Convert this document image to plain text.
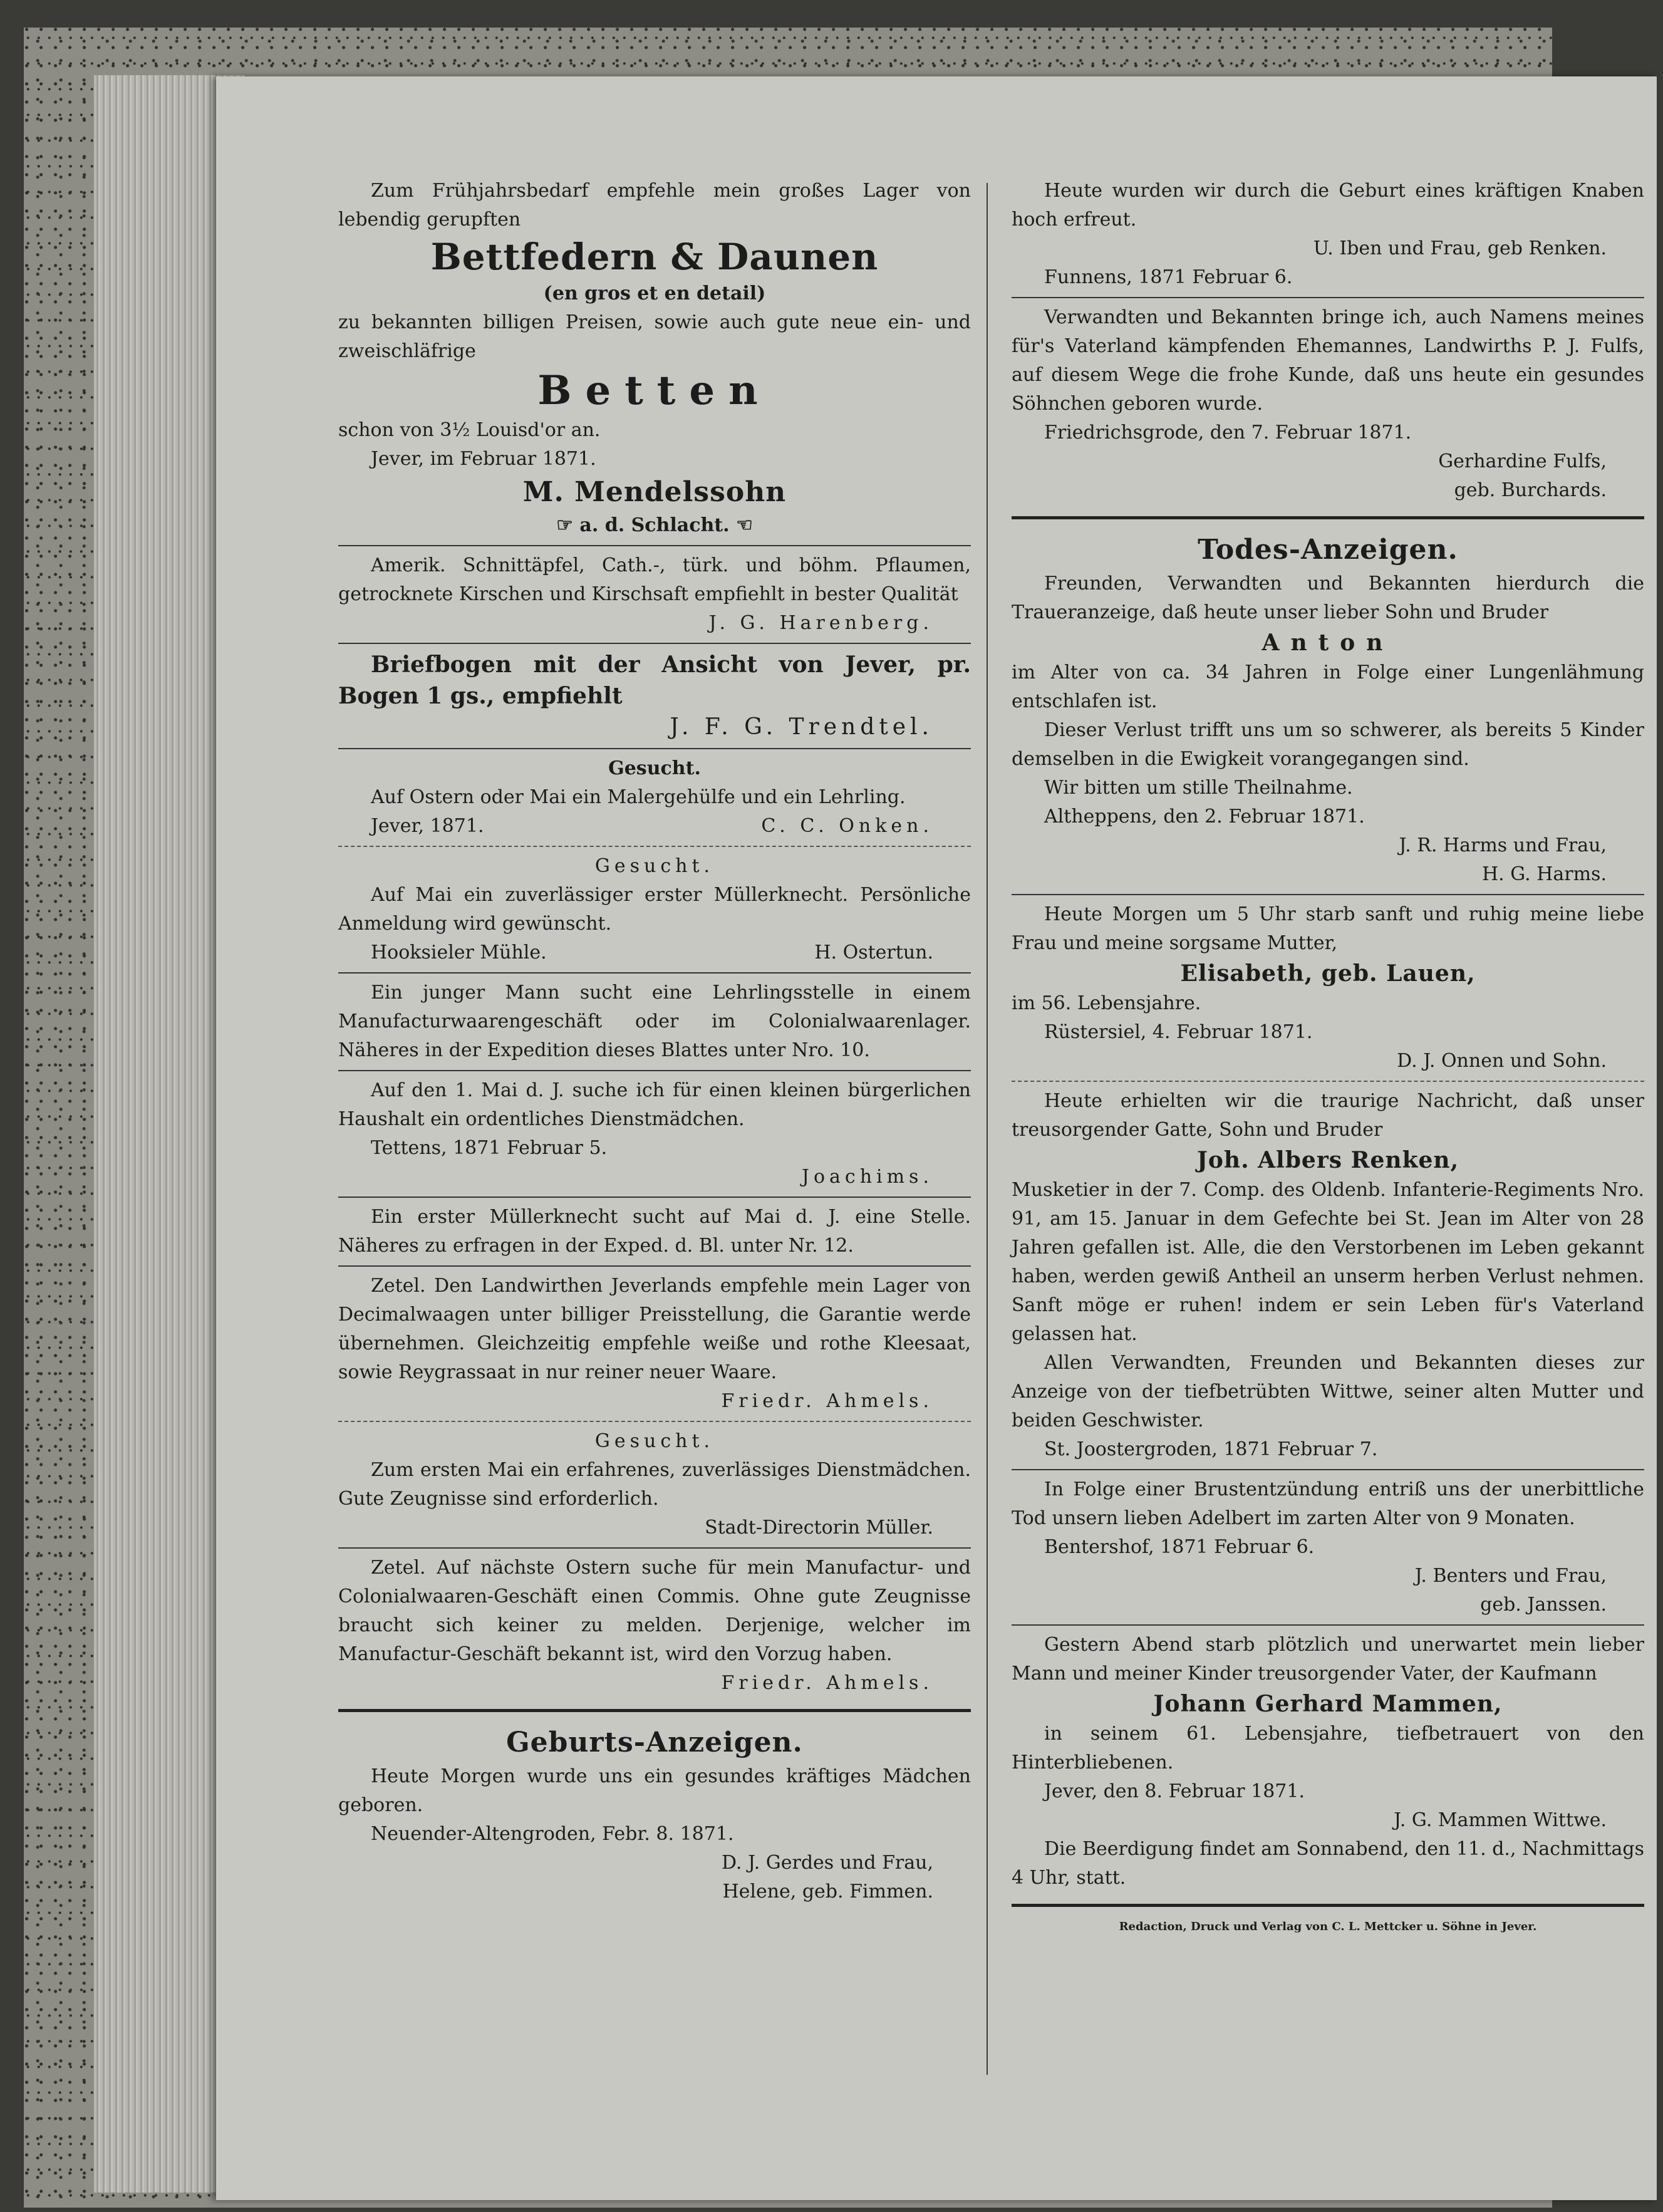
Zum Frühjahrsbedarf empfehle mein großes Lager von lebendig gerupften

Bettfedern & Daunen
(en gros et en detail)

zu bekannten billigen Preisen, sowie auch gute neue ein- und zweischläfrige

Betten
schon von 3½ Louisd'or an.
Jever, im Februar 1871.
M. Mendelssohn
☞ a. d. Schlacht. ☜

Amerik. Schnittäpfel, Cath.-, türk. und böhm. Pflaumen, getrocknete Kirschen und Kirschsaft empfiehlt in bester Qualität

J. G. Harenberg.

Briefbogen mit der Ansicht von Jever, pr. Bogen 1 gs., empfiehlt

J. F. G. Trendtel.
Gesucht.

Auf Ostern oder Mai ein Malergehülfe und ein Lehrling.

Jever, 1871.	C. C. Onken.
Gesucht.

Auf Mai ein zuverlässiger erster Müllerknecht. Persönliche Anmeldung wird gewünscht.

Hooksieler Mühle.	H. Ostertun.

Ein junger Mann sucht eine Lehrlingsstelle in einem Manufacturwaarengeschäft oder im Colonialwaarenlager. Näheres in der Expedition dieses Blattes unter Nro. 10.

Auf den 1. Mai d. J. suche ich für einen kleinen bürgerlichen Haushalt ein ordentliches Dienstmädchen.

Tettens, 1871 Februar 5.
Joachims.

Ein erster Müllerknecht sucht auf Mai d. J. eine Stelle. Näheres zu erfragen in der Exped. d. Bl. unter Nr. 12.

Zetel. Den Landwirthen Jeverlands empfehle mein Lager von Decimalwaagen unter billiger Preisstellung, die Garantie werde übernehmen. Gleichzeitig empfehle weiße und rothe Kleesaat, sowie Reygrassaat in nur reiner neuer Waare.

Friedr. Ahmels.
Gesucht.

Zum ersten Mai ein erfahrenes, zuverlässiges Dienstmädchen. Gute Zeugnisse sind erforderlich.

Stadt-Directorin Müller.

Zetel. Auf nächste Ostern suche für mein Manufactur- und Colonialwaaren-Geschäft einen Commis. Ohne gute Zeugnisse braucht sich keiner zu melden. Derjenige, welcher im Manufactur-Geschäft bekannt ist, wird den Vorzug haben.

Friedr. Ahmels.
Geburts-Anzeigen.

Heute Morgen wurde uns ein gesundes kräftiges Mädchen geboren.

Neuender-Altengroden, Febr. 8. 1871.
D. J. Gerdes und Frau,
Helene, geb. Fimmen.

Heute wurden wir durch die Geburt eines kräftigen Knaben hoch erfreut.

U. Iben und Frau, geb Renken.
Funnens, 1871 Februar 6.

Verwandten und Bekannten bringe ich, auch Namens meines für's Vaterland kämpfenden Ehemannes, Landwirths P. J. Fulfs, auf diesem Wege die frohe Kunde, daß uns heute ein gesundes Söhnchen geboren wurde.

Friedrichsgrode, den 7. Februar 1871.
Gerhardine Fulfs,
geb. Burchards.
Todes-Anzeigen.

Freunden, Verwandten und Bekannten hierdurch die Traueranzeige, daß heute unser lieber Sohn und Bruder

Anton

im Alter von ca. 34 Jahren in Folge einer Lungenlähmung entschlafen ist.

Dieser Verlust trifft uns um so schwerer, als bereits 5 Kinder demselben in die Ewigkeit vorangegangen sind.

Wir bitten um stille Theilnahme.
Altheppens, den 2. Februar 1871.
J. R. Harms und Frau,
H. G. Harms.

Heute Morgen um 5 Uhr starb sanft und ruhig meine liebe Frau und meine sorgsame Mutter,

Elisabeth, geb. Lauen,
im 56. Lebensjahre.
Rüstersiel, 4. Februar 1871.
D. J. Onnen und Sohn.

Heute erhielten wir die traurige Nachricht, daß unser treusorgender Gatte, Sohn und Bruder

Joh. Albers Renken,

Musketier in der 7. Comp. des Oldenb. Infanterie-Regiments Nro. 91, am 15. Januar in dem Gefechte bei St. Jean im Alter von 28 Jahren gefallen ist. Alle, die den Verstorbenen im Leben gekannt haben, werden gewiß Antheil an unserm herben Verlust nehmen. Sanft möge er ruhen! indem er sein Leben für's Vaterland gelassen hat.

Allen Verwandten, Freunden und Bekannten dieses zur Anzeige von der tiefbetrübten Wittwe, seiner alten Mutter und beiden Geschwister.

St. Joostergroden, 1871 Februar 7.

In Folge einer Brustentzündung entriß uns der unerbittliche Tod unsern lieben Adelbert im zarten Alter von 9 Monaten.

Bentershof, 1871 Februar 6.
J. Benters und Frau,
geb. Janssen.

Gestern Abend starb plötzlich und unerwartet mein lieber Mann und meiner Kinder treusorgender Vater, der Kaufmann

Johann Gerhard Mammen,

in seinem 61. Lebensjahre, tiefbetrauert von den Hinterbliebenen.

Jever, den 8. Februar 1871.
J. G. Mammen Wittwe.

Die Beerdigung findet am Sonnabend, den 11. d., Nachmittags 4 Uhr, statt.

Redaction, Druck und Verlag von C. L. Mettcker u. Söhne in Jever.
